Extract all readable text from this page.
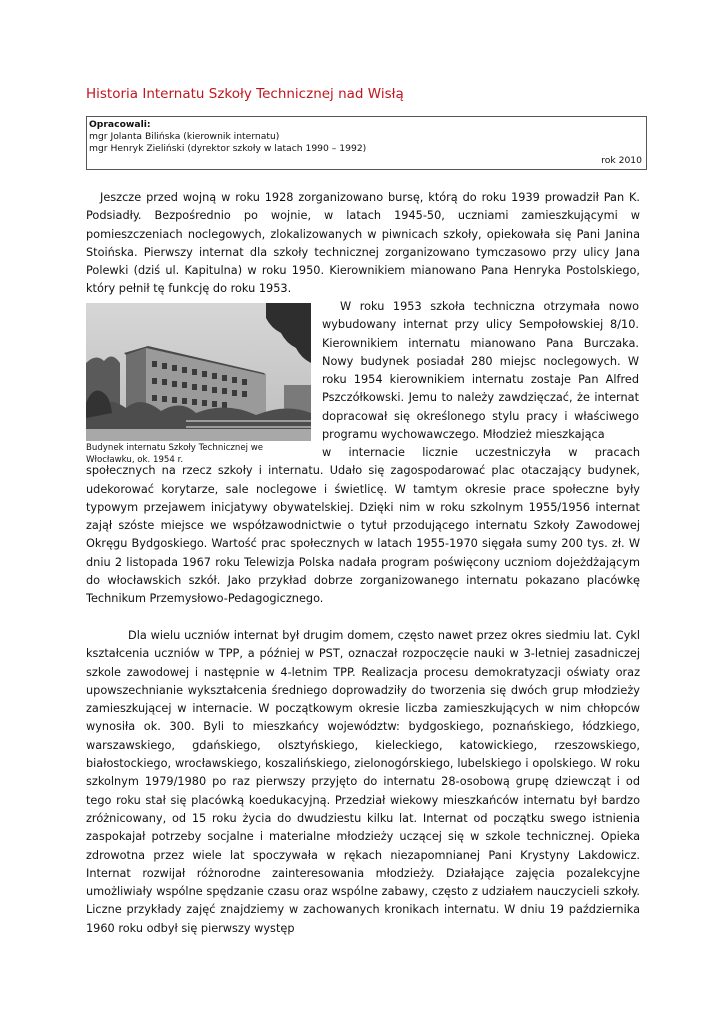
Historia Internatu Szkoły Technicznej nad Wisłą
Opracowali:
mgr Jolanta Bilińska (kierownik internatu)
mgr Henryk Zieliński (dyrektor szkoły w latach 1990 – 1992)
rok 2010
Jeszcze przed wojną w roku 1928 zorganizowano bursę, którą do roku 1939 prowadził Pan K. Podsiadły. Bezpośrednio po wojnie, w latach 1945-50, uczniami zamieszkującymi w pomieszczeniach noclegowych, zlokalizowanych w piwnicach szkoły, opiekowała się Pani Janina Stoińska. Pierwszy internat dla szkoły technicznej zorganizowano tymczasowo przy ulicy Jana Polewki (dziś ul. Kapitulna) w roku 1950. Kierownikiem mianowano Pana Henryka Postolskiego, który pełnił tę funkcję do roku 1953.
Budynek internatu Szkoły Technicznej we Włocławku, ok. 1954 r.
W roku 1953 szkoła techniczna otrzymała nowo wybudowany internat przy ulicy Sempołowskiej 8/10. Kierownikiem internatu mianowano Pana Burczaka. Nowy budynek posiadał 280 miejsc noclegowych. W roku 1954 kierownikiem internatu zostaje Pan Alfred Pszczółkowski. Jemu to należy zawdzięczać, że internat dopracował się określonego stylu pracy i właściwego programu wychowawczego. Młodzież mieszkająca
w internacie licznie uczestniczyła w pracach społecznych na rzecz szkoły i internatu. Udało się zagospodarować plac otaczający budynek, udekorować korytarze, sale noclegowe i świetlicę. W tamtym okresie prace społeczne były typowym przejawem inicjatywy obywatelskiej. Dzięki nim w roku szkolnym 1955/1956 internat zajął szóste miejsce we współzawodnictwie o tytuł przodującego internatu Szkoły Zawodowej Okręgu Bydgoskiego. Wartość prac społecznych w latach 1955-1970 sięgała sumy 200 tys. zł. W dniu 2 listopada 1967 roku Telewizja Polska nadała program poświęcony uczniom dojeżdżającym do włocławskich szkół. Jako przykład dobrze zorganizowanego internatu pokazano placówkę Technikum Przemysłowo-Pedagogicznego.
Dla wielu uczniów internat był drugim domem, często nawet przez okres siedmiu lat. Cykl kształcenia uczniów w TPP, a później w PST, oznaczał rozpoczęcie nauki w 3-letniej zasadniczej szkole zawodowej i następnie w 4-letnim TPP. Realizacja procesu demokratyzacji oświaty oraz upowszechnianie wykształcenia średniego doprowadziły do tworzenia się dwóch grup młodzieży zamieszkującej w internacie. W początkowym okresie liczba zamieszkujących w nim chłopców wynosiła ok. 300. Byli to mieszkańcy województw: bydgoskiego, poznańskiego, łódzkiego, warszawskiego, gdańskiego, olsztyńskiego, kieleckiego, katowickiego, rzeszowskiego, białostockiego, wrocławskiego, koszalińskiego, zielonogórskiego, lubelskiego i opolskiego. W roku szkolnym 1979/1980 po raz pierwszy przyjęto do internatu 28-osobową grupę dziewcząt i od tego roku stał się placówką koedukacyjną. Przedział wiekowy mieszkańców internatu był bardzo zróżnicowany, od 15 roku życia do dwudziestu kilku lat. Internat od początku swego istnienia zaspokajał potrzeby socjalne i materialne młodzieży uczącej się w szkole technicznej. Opieka zdrowotna przez wiele lat spoczywała w rękach niezapomnianej Pani Krystyny Lakdowicz. Internat rozwijał różnorodne zainteresowania młodzieży. Działające zajęcia pozalekcyjne umożliwiały wspólne spędzanie czasu oraz wspólne zabawy, często z udziałem nauczycieli szkoły. Liczne przykłady zajęć znajdziemy w zachowanych kronikach internatu. W dniu 19 października 1960 roku odbył się pierwszy występ
